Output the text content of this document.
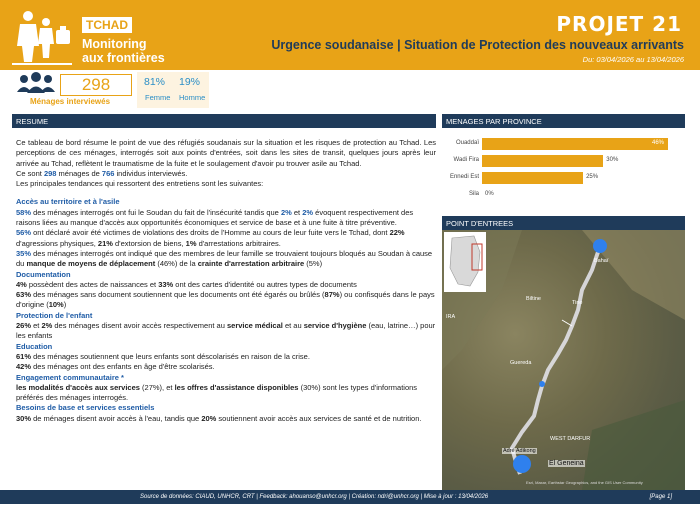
TCHAD
Monitoring
aux frontières
PROJET 21
Urgence soudanaise | Situation de Protection des nouveaux arrivants
Du: 03/04/2026 au 13/04/2026
298
Ménages interviewés
81% 19%
Femme Homme
RESUME	MENAGES PAR PROVINCE
POINT D'ENTREES

Ce tableau de bord résume le point de vue des réfugiés soudanais sur la situation et les risques de protection au Tchad. Les perceptions de ces ménages, interrogés soit aux points d'entrées, soit dans les sites de transit, quelques jours après leur arrivée au Tchad, reflètent le traumatisme de la fuite et le soulagement d'avoir pu trouver asile au Tchad.

Ce sont 298 ménages de 766 individus interviewés.

Les principales tendances qui ressortent des entretiens sont les suivantes:

Accès au territoire et à l'asile

58% des ménages interrogés ont fui le Soudan du fait de l'insécurité tandis que 2% et 2% évoquent respectivement des raisons liées au manque d'accès aux opportunités économiques et service de base et à une fuite à titre préventive.

56% ont déclaré avoir été victimes de violations des droits de l'Homme au cours de leur fuite vers le Tchad, dont 22% d'agressions physiques, 21% d'extorsion de biens, 1% d'arrestations arbitraires.

35% des ménages interrogés ont indiqué que des membres de leur famille se trouvaient toujours bloqués au Soudan à cause du manque de moyens de déplacement (46%) de la crainte d'arrestation arbitraire (5%)

Documentation

4% possèdent des actes de naissances et 33% ont des cartes d'identité ou autres types de documents

63% des ménages sans document soutiennent que les documents ont été égarés ou brûlés (87%) ou confisqués dans le pays d'origine (10%)

Protection de l'enfant

26% et 2% des ménages disent avoir accès respectivement au service médical et au service d'hygiène (eau, latrine…) pour les enfants

Education

61% des ménages soutiennent que leurs enfants sont déscolarisés en raison de la crise.

42% des ménages ont des enfants en âge d'être scolarisés.

Engagement communautaire *

les modalités d'accès aux services (27%), et les offres d'assistance disponibles (30%) sont les types d'informations préférés des ménages interrogés.

Besoins de base et services essentiels

30% de ménages disent avoir accès à l'eau, tandis que 20% soutiennent avoir accès aux services de santé et de nutrition.

Ouaddaï	46%
Wadi Fira	30%
Ennedi Est	25%
Sila 0%
Bahaï
Biltine
Tine
IRA
Guereda
WEST DARFUR
Adré Adikong
El Geneina
Esri, Maxar, Earthstar Geographics, and the GIS User Community
Source de données: CIAUD, UNHCR, CRT | Feedback: ahouanso@unhcr.org | Création: ndri@unhcr.org | Mise à jour : 13/04/2026	[Page 1]
